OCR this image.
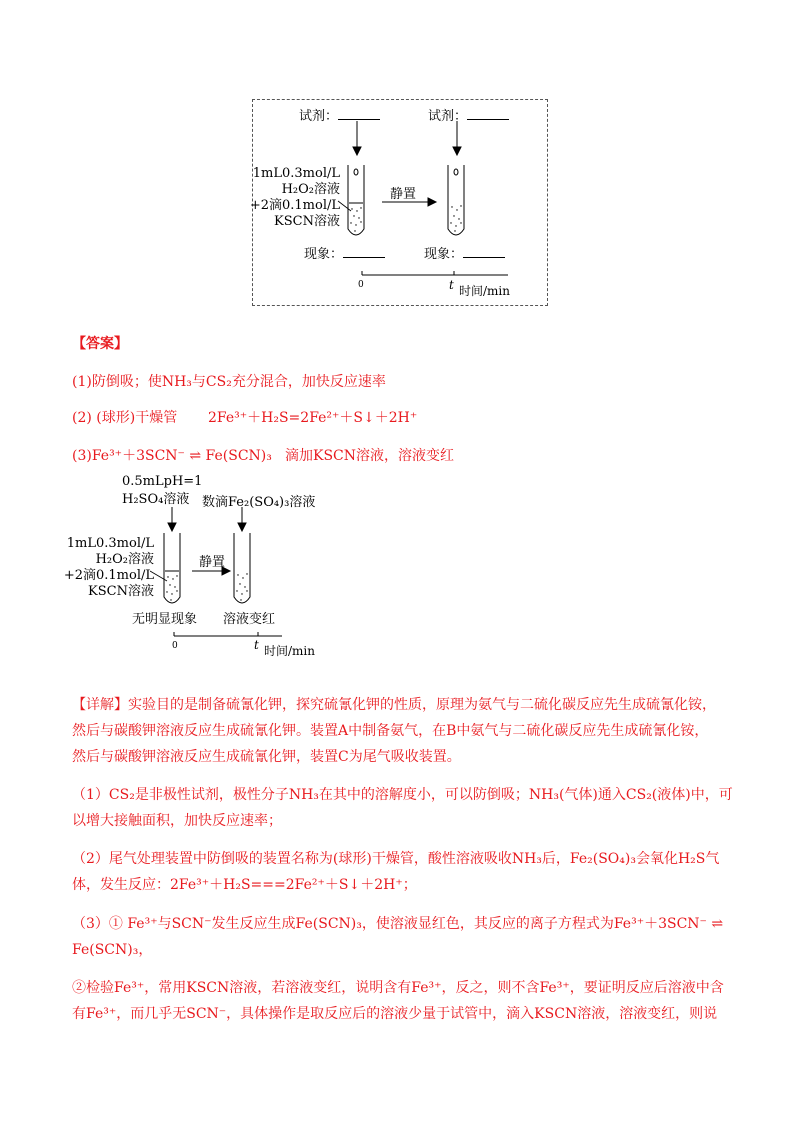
试剂：	试剂：
1mL0.3mol/L
H₂O₂溶液
+2滴0.1mol/L
KSCN溶液
静置
现象：	现象：
0	t 时间/min
【答案】
(1)防倒吸；使NH₃与CS₂充分混合，加快反应速率
(2) (球形)干燥管 2Fe³⁺＋H₂S=2Fe²⁺＋S↓＋2H⁺
(3)Fe³⁺＋3SCN⁻ ⇌ Fe(SCN)₃ 滴加KSCN溶液，溶液变红
0.5mLpH=1
H₂SO₄溶液 数滴Fe₂(SO₄)₃溶液
1mL0.3mol/L
H₂O₂溶液
+2滴0.1mol/L
KSCN溶液
静置
无明显现象 溶液变红
0	t 时间/min
【详解】实验目的是制备硫氰化钾，探究硫氰化钾的性质，原理为氨气与二硫化碳反应先生成硫氰化铵，
然后与碳酸钾溶液反应生成硫氰化钾。装置A中制备氨气，在B中氨气与二硫化碳反应先生成硫氰化铵，
然后与碳酸钾溶液反应生成硫氰化钾，装置C为尾气吸收装置。
（1）CS₂是非极性试剂，极性分子NH₃在其中的溶解度小，可以防倒吸；NH₃(气体)通入CS₂(液体)中，可
以增大接触面积，加快反应速率；
（2）尾气处理装置中防倒吸的装置名称为(球形)干燥管，酸性溶液吸收NH₃后，Fe₂(SO₄)₃会氧化H₂S气
体，发生反应：2Fe³⁺＋H₂S===2Fe²⁺＋S↓＋2H⁺；
（3）① Fe³⁺与SCN⁻发生反应生成Fe(SCN)₃，使溶液显红色，其反应的离子方程式为Fe³⁺＋3SCN⁻ ⇌
Fe(SCN)₃，
②检验Fe³⁺，常用KSCN溶液，若溶液变红，说明含有Fe³⁺，反之，则不含Fe³⁺，要证明反应后溶液中含
有Fe³⁺，而几乎无SCN⁻，具体操作是取反应后的溶液少量于试管中，滴入KSCN溶液，溶液变红，则说
